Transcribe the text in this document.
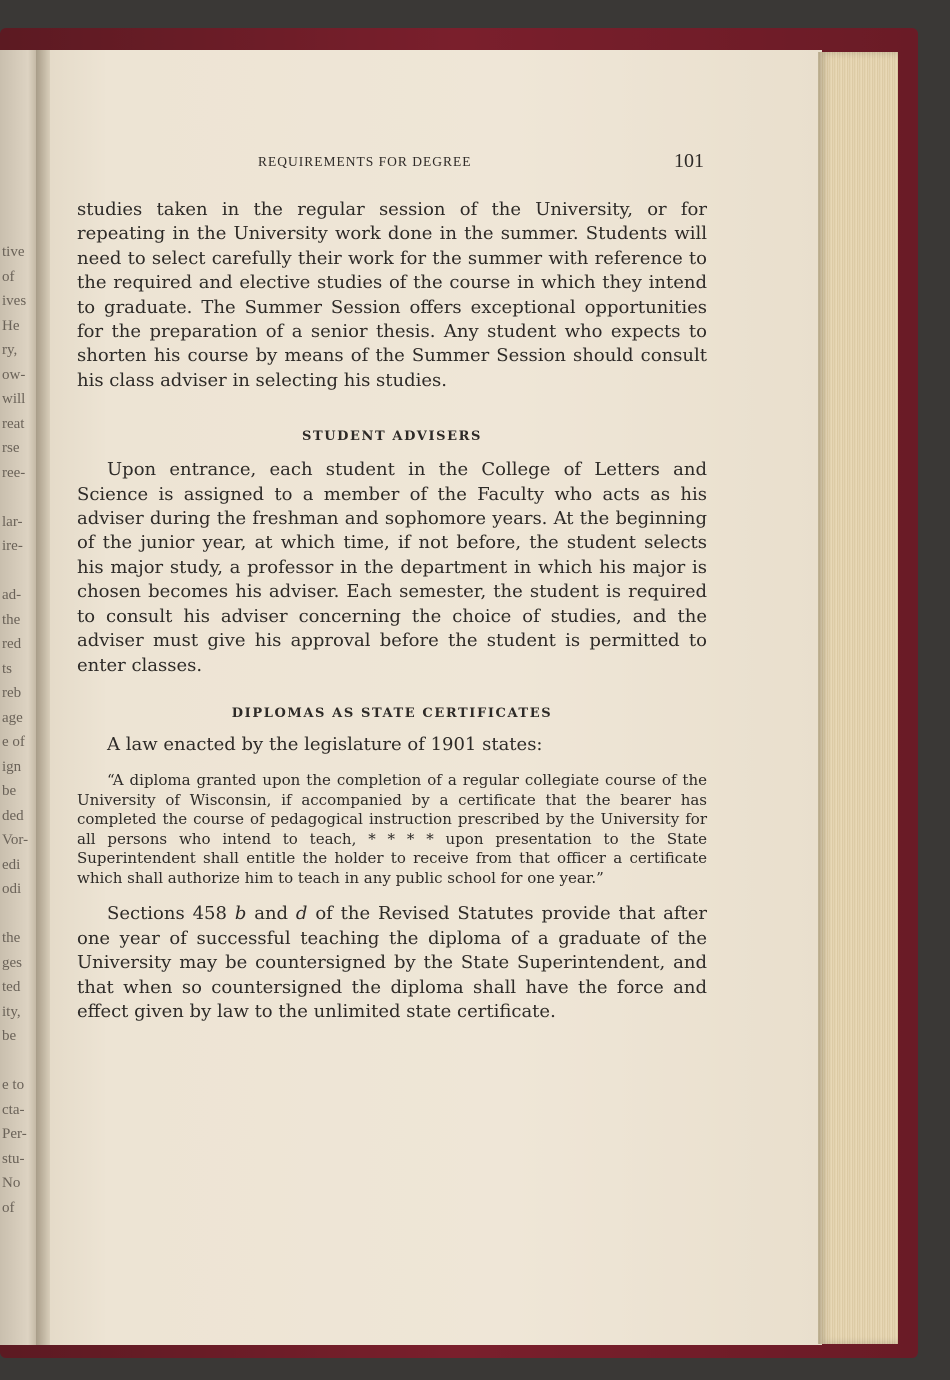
tive
of
ives
He
ry,
ow-
will
reat
rse
ree-

lar-
ire-

ad-
the
red
ts
reb
age
e of
ign
be
ded
Vor-
edi
odi

the
ges
ted
ity,
be

e to
cta-
Per-
stu-
No
of
REQUIREMENTS FOR DEGREE	101

studies taken in the regular session of the University, or for repeating in the University work done in the summer. Students will need to select carefully their work for the summer with reference to the required and elective studies of the course in which they intend to graduate. The Summer Session offers exceptional opportunities for the preparation of a senior thesis. Any student who expects to shorten his course by means of the Summer Session should consult his class adviser in selecting his studies.

STUDENT ADVISERS

Upon entrance, each student in the College of Letters and Science is assigned to a member of the Faculty who acts as his adviser during the freshman and sophomore years. At the beginning of the junior year, at which time, if not before, the student selects his major study, a professor in the department in which his major is chosen becomes his adviser. Each semester, the student is required to consult his adviser concerning the choice of studies, and the adviser must give his approval before the student is permitted to enter classes.

DIPLOMAS AS STATE CERTIFICATES

A law enacted by the legislature of 1901 states:

“A diploma granted upon the completion of a regular collegiate course of the University of Wisconsin, if accompanied by a certificate that the bearer has completed the course of pedagogical instruction prescribed by the University for all persons who intend to teach, * * * * upon presentation to the State Superintendent shall entitle the holder to receive from that officer a certificate which shall authorize him to teach in any public school for one year.”

Sections 458 b and d of the Revised Statutes provide that after one year of successful teaching the diploma of a graduate of the University may be countersigned by the State Superintendent, and that when so countersigned the diploma shall have the force and effect given by law to the unlimited state certificate.
